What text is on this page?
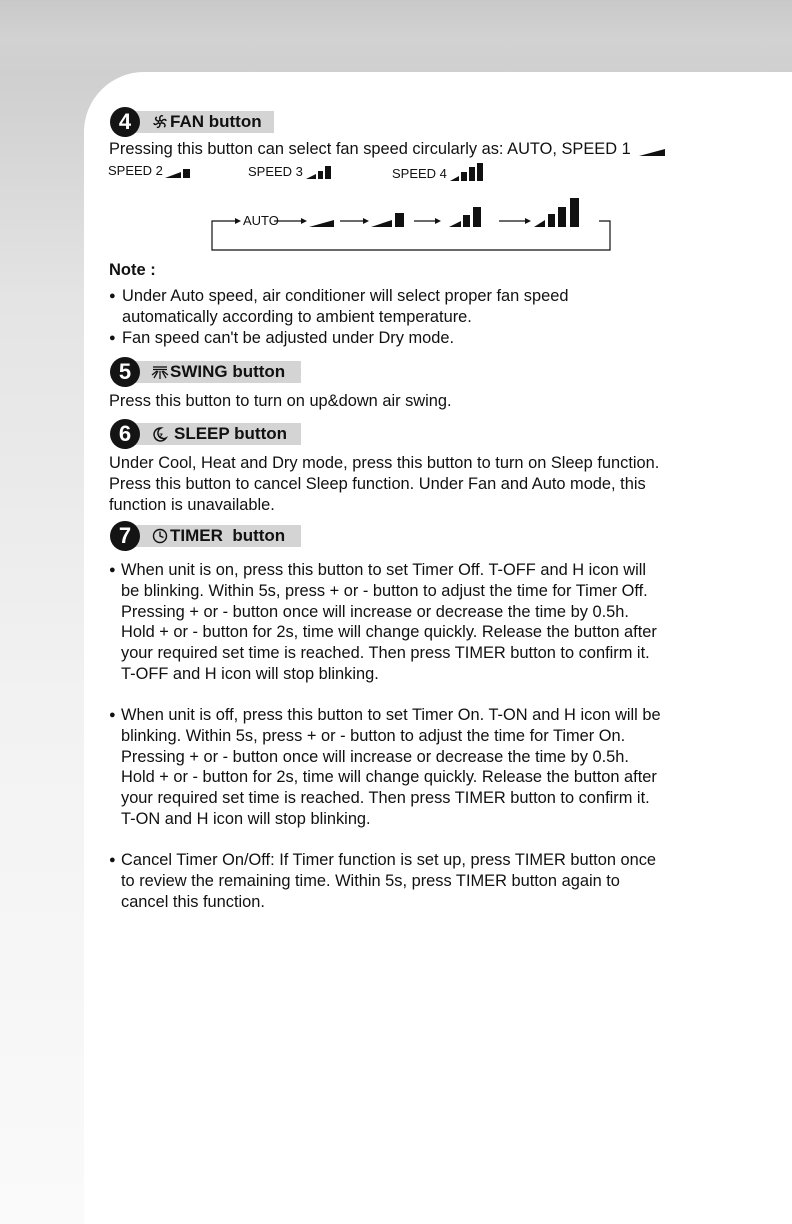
4	FAN button
Pressing this button can select fan speed circularly as: AUTO, SPEED 1
SPEED 2	SPEED 3	SPEED 4
AUTO
Note :
● Under Auto speed, air conditioner will select proper fan speed
automatically according to ambient temperature.
● Fan speed can't be adjusted under Dry mode.
5	SWING button
Press this button to turn on up&down air swing.
6	z SLEEP button
Under Cool, Heat and Dry mode, press this button to turn on Sleep function.
Press this button to cancel Sleep function. Under Fan and Auto mode, this
function is unavailable.
7	TIMER  button
● When unit is on, press this button to set Timer Off. T-OFF and H icon will
be blinking. Within 5s, press + or - button to adjust the time for Timer Off.
Pressing + or - button once will increase or decrease the time by 0.5h.
Hold + or - button for 2s, time will change quickly. Release the button after
your required set time is reached. Then press TIMER button to confirm it.
T-OFF and H icon will stop blinking.
● When unit is off, press this button to set Timer On. T-ON and H icon will be
blinking. Within 5s, press + or - button to adjust the time for Timer On.
Pressing + or - button once will increase or decrease the time by 0.5h.
Hold + or - button for 2s, time will change quickly. Release the button after
your required set time is reached. Then press TIMER button to confirm it.
T-ON and H icon will stop blinking.
● Cancel Timer On/Off: If Timer function is set up, press TIMER button once
to review the remaining time. Within 5s, press TIMER button again to
cancel this function.
